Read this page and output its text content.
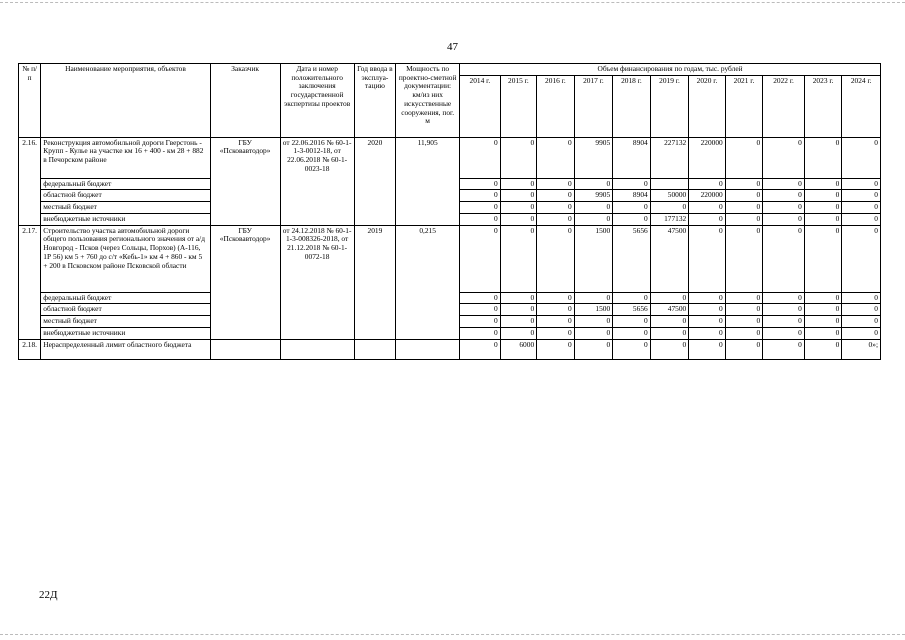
47
№ п/п	Наименование мероприятия, объектов	Заказчик	Дата и номер положительного заключения государственной экспертизы проектов	Год ввода в эксплуа-тацию	Мощность по проектно-сметной документации: км/из них искусственные сооружения, пог. м	Объем финансирования по годам, тыс. рублей										
						2014 г.	2015 г.	2016 г.	2017 г.	2018 г.	2019 г.	2020 г.	2021 г.	2022 г.	2023 г.	2024 г.
2.16.	Реконструкция автомобильной дороги Гверстонь - Крупп - Кулье на участке км 16 + 400 - км 28 + 882 в Печорском районе	ГБУ «Псковавтодор»	от 22.06.2016 № 60-1-1-3-0012-18, от 22.06.2018 № 60-1-0023-18	2020	11,905	0	0	0	9905	8904	227132	220000	0	0	0	0
	федеральный бюджет					0	0	0	0	0		0	0	0	0	0
	областной бюджет					0	0	0	9905	8904	50000	220000	0	0	0	0
	местный бюджет					0	0	0	0	0	0	0	0	0	0	0
	внебюджетные источники					0	0	0	0	0	177132	0	0	0	0	0
2.17.	Строительство участка автомобильной дороги общего пользования регионального значения от а/д Новгород - Псков (через Сольцы, Порхов) (А-116, 1Р 56) км 5 + 760 до с/т «Кебь-1» км 4 + 860 - км 5 + 200 в Псковском районе Псковской области	ГБУ «Псковавтодор»	от 24.12.2018 № 60-1-1-3-008326-2018, от 21.12.2018 № 60-1-0072-18	2019	0,215	0	0	0	1500	5656	47500	0	0	0	0	0
	федеральный бюджет					0	0	0	0	0	0	0	0	0	0	0
	областной бюджет					0	0	0	1500	5656	47500	0	0	0	0	0
	местный бюджет					0	0	0	0	0	0	0	0	0	0	0
	внебюджетные источники					0	0	0	0	0	0	0	0	0	0	0
2.18.	Нераспределенный лимит областного бюджета					0	6000	0	0	0	0	0	0	0	0	0»;
22Д
